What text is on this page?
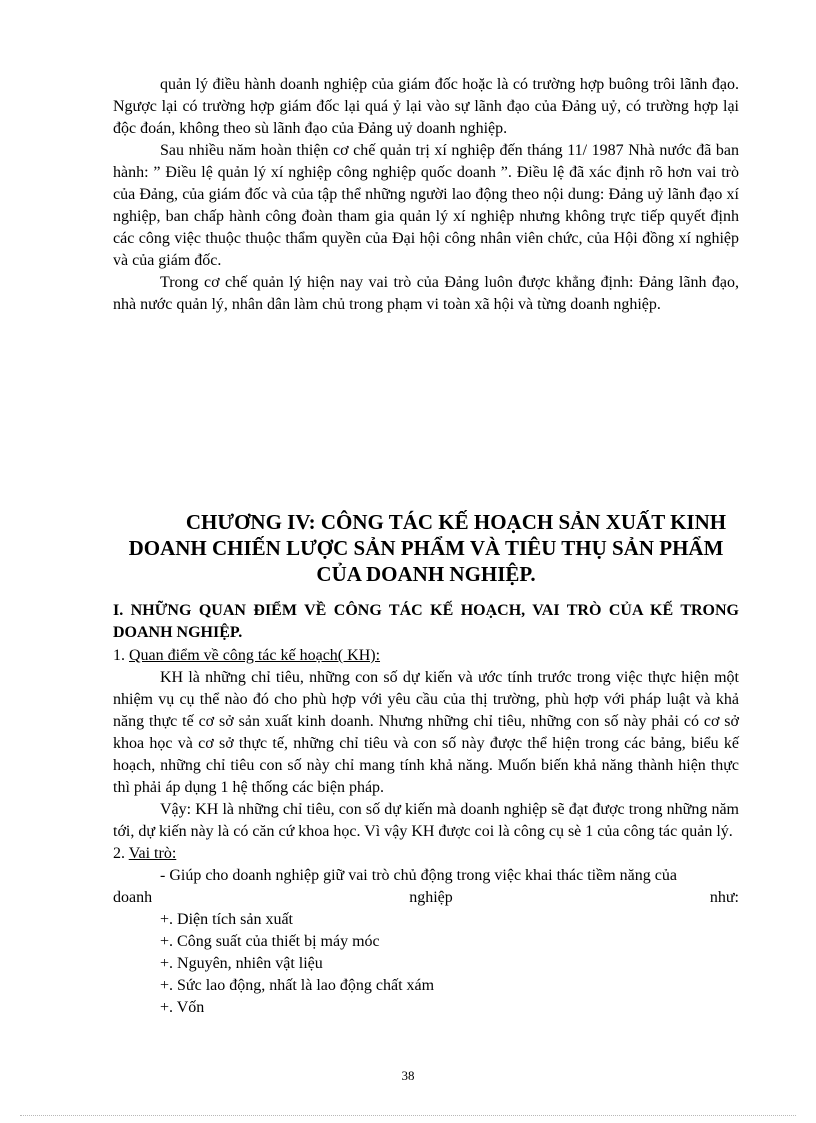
quản lý điều hành doanh nghiệp của giám đốc hoặc là có trường hợp buông trôi lãnh đạo. Ngược lại có trường hợp giám đốc lại quá ỷ lại vào sự lãnh đạo của Đảng uỷ, có trường hợp lại độc đoán, không theo sù lãnh đạo của Đảng uỷ doanh nghiệp.

Sau nhiều năm hoàn thiện cơ chế quản trị xí nghiệp đến tháng 11/ 1987 Nhà nước đã ban hành: ” Điều lệ quản lý xí nghiệp công nghiệp quốc doanh ”. Điều lệ đã xác định rõ hơn vai trò của Đảng, của giám đốc và của tập thể những người lao động theo nội dung: Đảng uỷ lãnh đạo xí nghiệp, ban chấp hành công đoàn tham gia quản lý xí nghiệp nhưng không trực tiếp quyết định các công việc thuộc thuộc thẩm quyền của Đại hội công nhân viên chức, của Hội đồng xí nghiệp và của giám đốc.

Trong cơ chế quản lý hiện nay vai trò của Đảng luôn được khẳng định: Đảng lãnh đạo, nhà nước quản lý, nhân dân làm chủ trong phạm vi toàn xã hội và từng doanh nghiệp.

CHƯƠNG IV: CÔNG TÁC KẾ HOẠCH SẢN XUẤT KINH
DOANH CHIẾN LƯỢC SẢN PHẨM VÀ TIÊU THỤ SẢN PHẨM
CỦA DOANH NGHIỆP.

I. NHỮNG QUAN ĐIỂM VỀ CÔNG TÁC KẾ HOẠCH, VAI TRÒ CỦA KẾ TRONG DOANH NGHIỆP.

1. Quan điểm về công tác kế hoạch( KH):

KH là những chỉ tiêu, những con số dự kiến và ước tính trước trong việc thực hiện một nhiệm vụ cụ thể nào đó cho phù hợp với yêu cầu của thị trường, phù hợp với pháp luật và khả năng thực tế cơ sở sản xuất kinh doanh. Nhưng những chỉ tiêu, những con số này phải có cơ sở khoa học và cơ sở thực tế, những chỉ tiêu và con số này được thể hiện trong các bảng, biểu kế hoạch, những chỉ tiêu con số này chỉ mang tính khả năng. Muốn biến khả năng thành hiện thực thì phải áp dụng 1 hệ thống các biện pháp.

Vậy: KH là những chỉ tiêu, con số dự kiến mà doanh nghiệp sẽ đạt được trong những năm tới, dự kiến này là có căn cứ khoa học. Vì vậy KH được coi là công cụ sè 1 của công tác quản lý.

2. Vai trò:

- Giúp cho doanh nghiệp giữ vai trò chủ động trong việc khai thác tiềm năng của

doanh	nghiệp	như:

+. Diện tích sản xuất

+. Công suất của thiết bị máy móc

+. Nguyên, nhiên vật liệu

+. Sức lao động, nhất là lao động chất xám

+. Vốn

38
